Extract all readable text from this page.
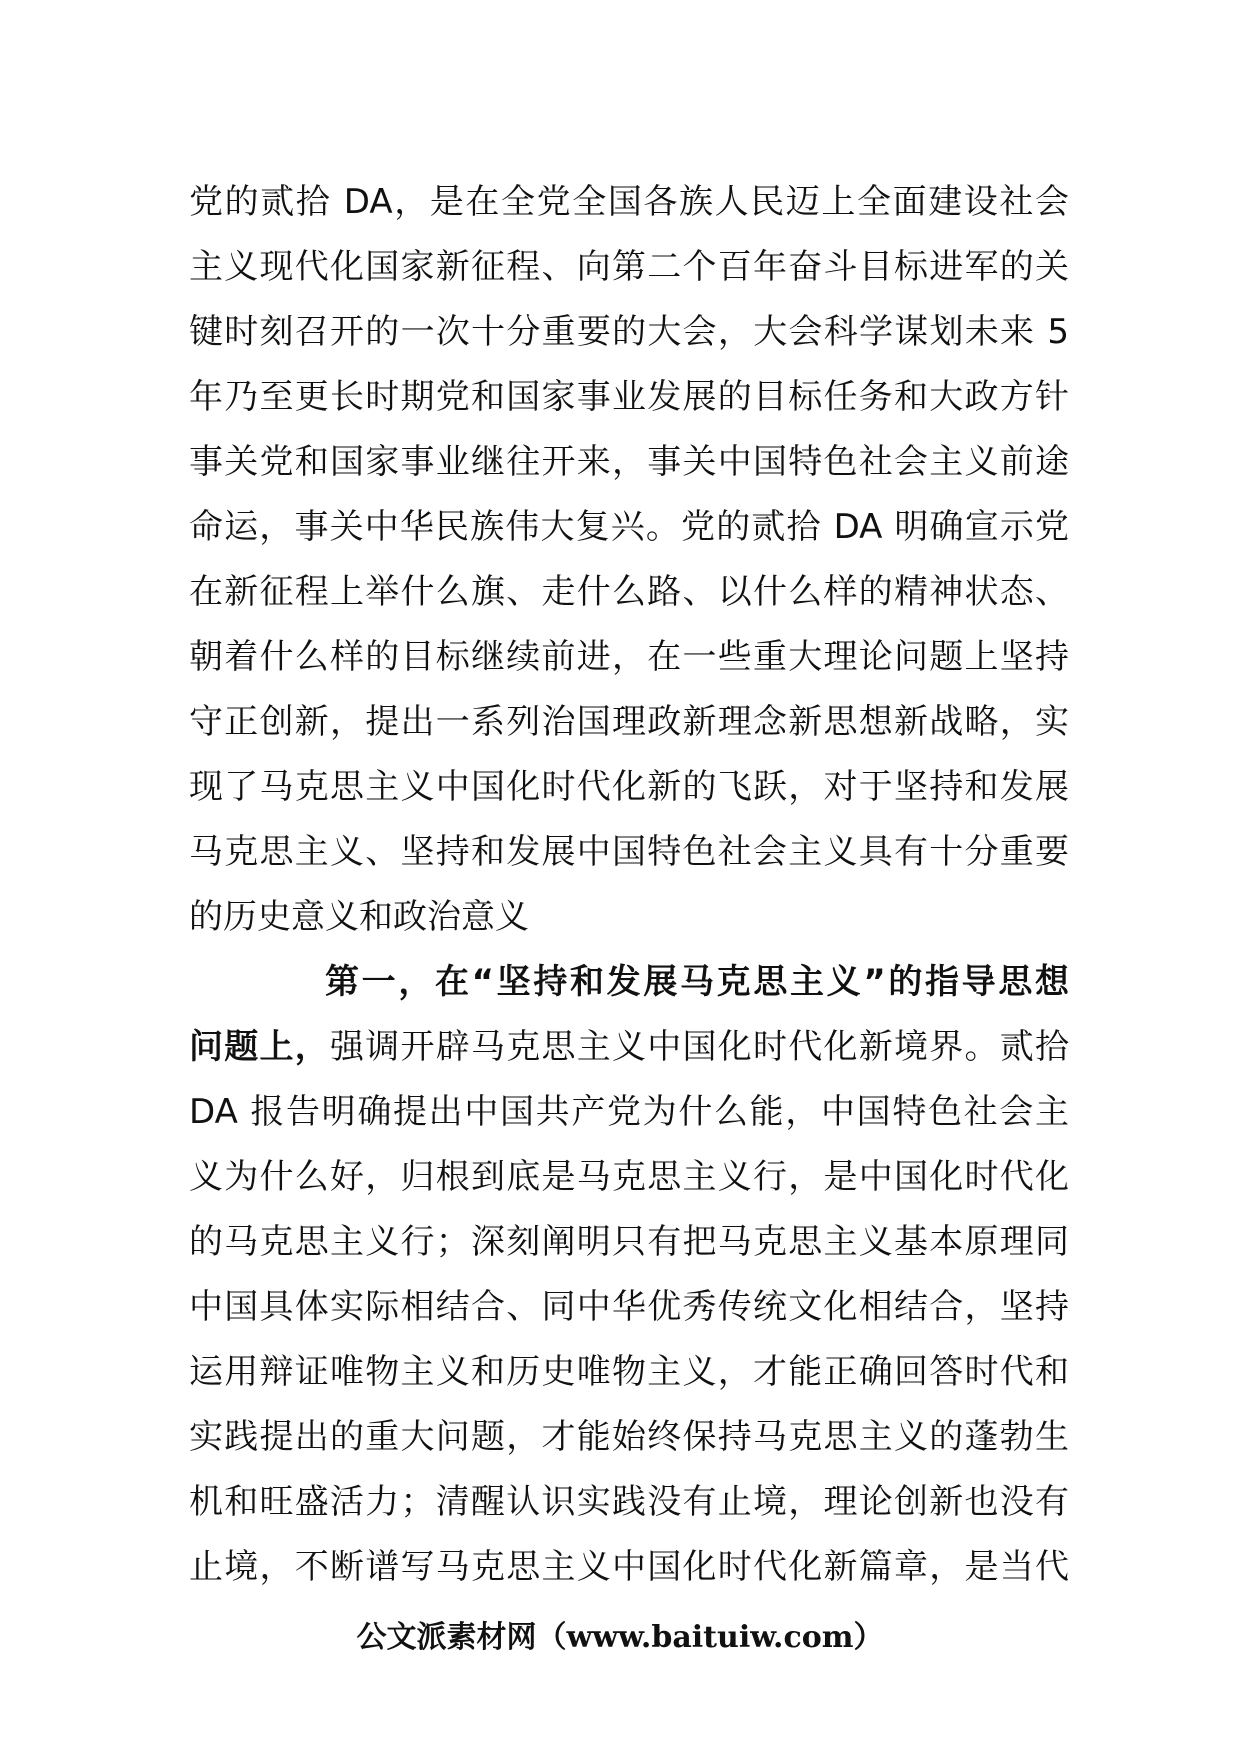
党的贰拾 DA，是在全党全国各族人民迈上全面建设社会
主义现代化国家新征程、向第二个百年奋斗目标进军的关
键时刻召开的一次十分重要的大会，大会科学谋划未来 5
年乃至更长时期党和国家事业发展的目标任务和大政方针
事关党和国家事业继往开来，事关中国特色社会主义前途
命运，事关中华民族伟大复兴。党的贰拾 DA 明确宣示党
在新征程上举什么旗、走什么路、以什么样的精神状态、
朝着什么样的目标继续前进，在一些重大理论问题上坚持
守正创新，提出一系列治国理政新理念新思想新战略，实
现了马克思主义中国化时代化新的飞跃，对于坚持和发展
马克思主义、坚持和发展中国特色社会主义具有十分重要
的历史意义和政治意义
第一，在“坚持和发展马克思主义”的指导思想
问题上，强调开辟马克思主义中国化时代化新境界。贰拾
DA 报告明确提出中国共产党为什么能，中国特色社会主
义为什么好，归根到底是马克思主义行，是中国化时代化
的马克思主义行；深刻阐明只有把马克思主义基本原理同
中国具体实际相结合、同中华优秀传统文化相结合，坚持
运用辩证唯物主义和历史唯物主义，才能正确回答时代和
实践提出的重大问题，才能始终保持马克思主义的蓬勃生
机和旺盛活力；清醒认识实践没有止境，理论创新也没有
止境，不断谱写马克思主义中国化时代化新篇章，是当代
公文派素材网（www.baituiw.com）
